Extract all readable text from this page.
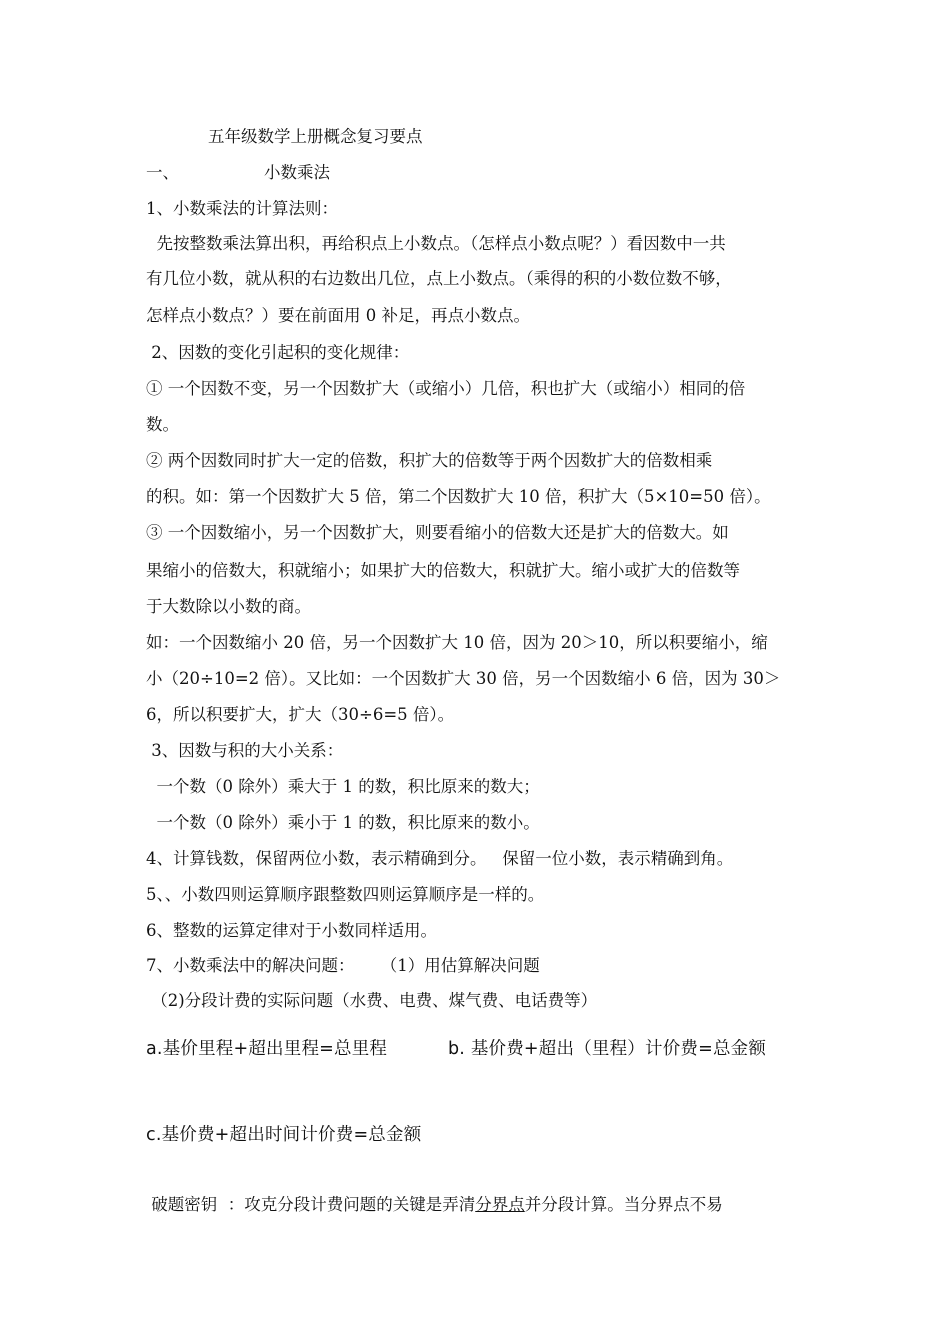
五年级数学上册概念复习要点
一、	小数乘法
1、小数乘法的计算法则：
先按整数乘法算出积，再给积点上小数点。（怎样点小数点呢？）看因数中一共
有几位小数，就从积的右边数出几位，点上小数点。（乘得的积的小数位数不够，
怎样点小数点？）要在前面用 0 补足，再点小数点。
2、因数的变化引起积的变化规律：
① 一个因数不变，另一个因数扩大（或缩小）几倍，积也扩大（或缩小）相同的倍
数。
② 两个因数同时扩大一定的倍数，积扩大的倍数等于两个因数扩大的倍数相乘
的积。如：第一个因数扩大 5 倍，第二个因数扩大 10 倍，积扩大（5×10=50 倍）。
③ 一个因数缩小，另一个因数扩大，则要看缩小的倍数大还是扩大的倍数大。如
果缩小的倍数大，积就缩小；如果扩大的倍数大，积就扩大。缩小或扩大的倍数等
于大数除以小数的商。
如：一个因数缩小 20 倍，另一个因数扩大 10 倍，因为 20＞10，所以积要缩小，缩
小（20÷10=2 倍）。又比如：一个因数扩大 30 倍，另一个因数缩小 6 倍，因为 30＞
6，所以积要扩大，扩大（30÷6=5 倍）。
3、因数与积的大小关系：
一个数（0 除外）乘大于 1 的数，积比原来的数大；
一个数（0 除外）乘小于 1 的数，积比原来的数小。
4、计算钱数，保留两位小数，表示精确到分。   保留一位小数，表示精确到角。
5、、小数四则运算顺序跟整数四则运算顺序是一样的。
6、整数的运算定律对于小数同样适用。
7、小数乘法中的解决问题：     （1）用估算解决问题
（2)分段计费的实际问题（水费、电费、煤气费、电话费等）
a.基价里程+超出里程=总里程	b. 基价费+超出（里程）计价费=总金额
c.基价费+超出时间计价费=总金额
破题密钥  ：攻克分段计费问题的关键是弄清分界点并分段计算。当分界点不易
